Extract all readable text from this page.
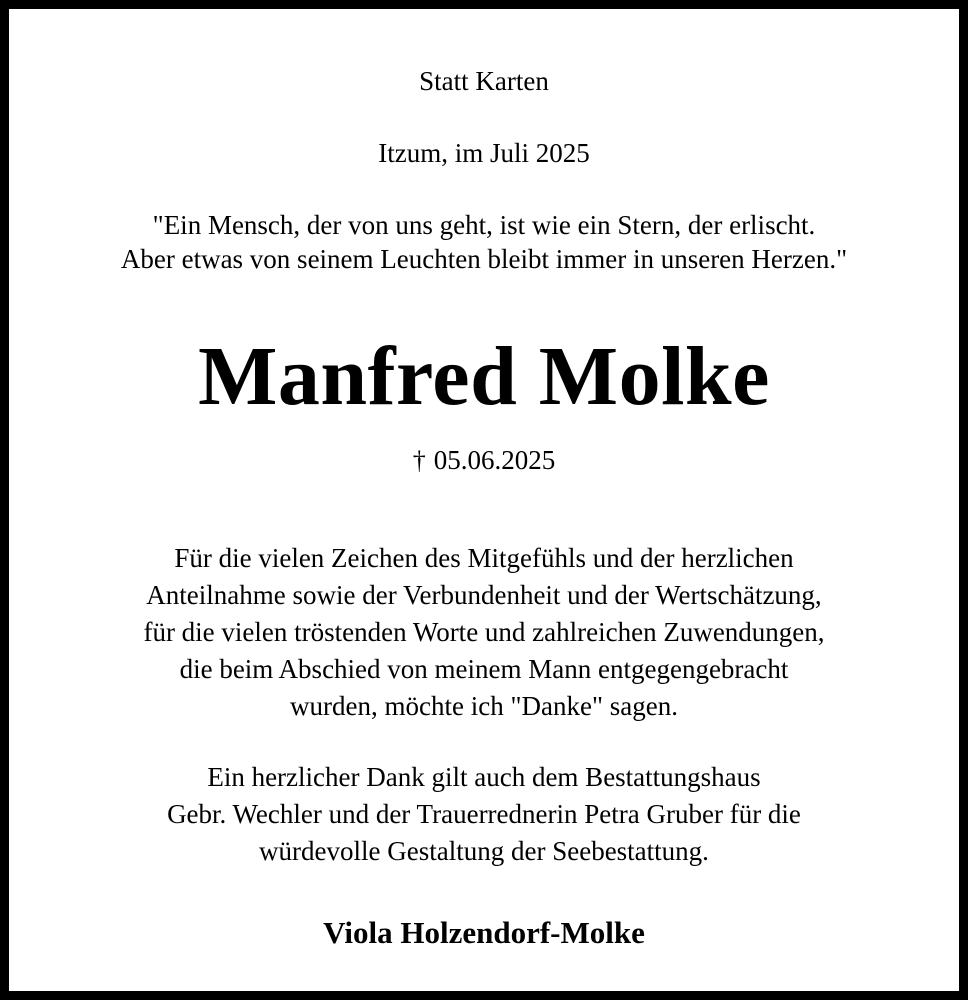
Statt Karten

Itzum, im Juli 2025

"Ein Mensch, der von uns geht, ist wie ein Stern, der erlischt.
Aber etwas von seinem Leuchten bleibt immer in unseren Herzen."

Manfred Molke

† 05.06.2025

Für die vielen Zeichen des Mitgefühls und der herzlichen
Anteilnahme sowie der Verbundenheit und der Wertschätzung,
für die vielen tröstenden Worte und zahlreichen Zuwendungen,
die beim Abschied von meinem Mann entgegengebracht
wurden, möchte ich "Danke" sagen.

Ein herzlicher Dank gilt auch dem Bestattungshaus
Gebr. Wechler und der Trauerrednerin Petra Gruber für die
würdevolle Gestaltung der Seebestattung.

Viola Holzendorf-Molke
